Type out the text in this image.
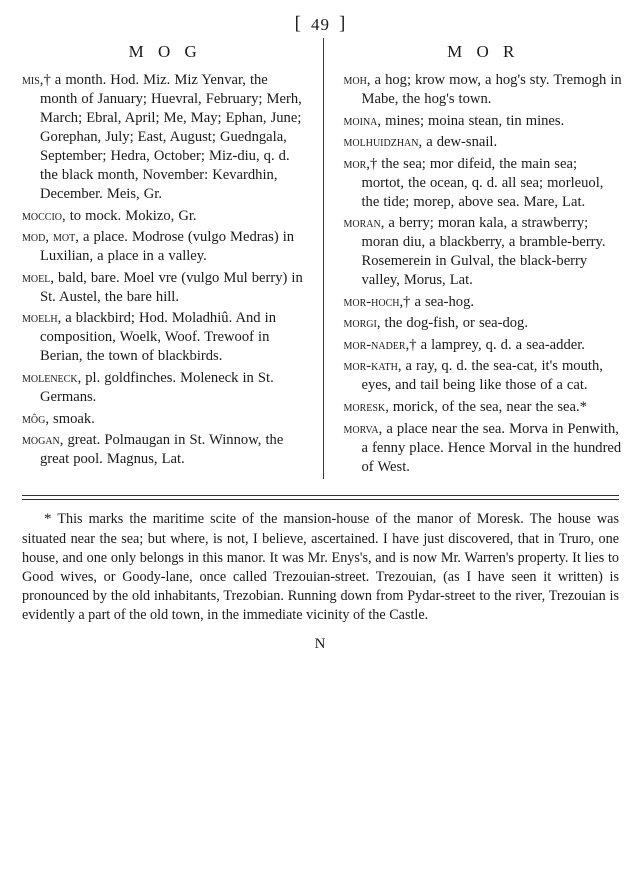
[ 49 ]
M O G
mis,† a month. Hod. Miz. Miz Yenvar, the month of January; Huevral, February; Merh, March; Ebral, April; Me, May; Ephan, June; Gorephan, July; East, August; Guedngala, September; Hedra, October; Miz-diu, q. d. the black month, November: Kevardhin, December. Meis, Gr.
moccio, to mock. Mokizo, Gr.
mod, mot, a place. Modrose (vulgo Medras) in Luxilian, a place in a valley.
moel, bald, bare. Moel vre (vulgo Mul berry) in St. Austel, the bare hill.
moelh, a blackbird; Hod. Moladhiû. And in composition, Woelk, Woof. Trewoof in Berian, the town of blackbirds.
moleneck, pl. goldfinches. Moleneck in St. Germans.
môg, smoak.
mogan, great. Polmaugan in St. Winnow, the great pool. Magnus, Lat.
M O R
moh, a hog; krow mow, a hog's sty. Tremogh in Mabe, the hog's town.
moina, mines; moina stean, tin mines.
molhuidzhan, a dew-snail.
mor,† the sea; mor difeid, the main sea; mortot, the ocean, q. d. all sea; morleuol, the tide; morep, above sea. Mare, Lat.
moran, a berry; moran kala, a strawberry; moran diu, a blackberry, a bramble-berry. Rosemerein in Gulval, the black-berry valley, Morus, Lat.
mor-hoch,† a sea-hog.
morgi, the dog-fish, or sea-dog.
mor-nader,† a lamprey, q. d. a sea-adder.
mor-kath, a ray, q. d. the sea-cat, it's mouth, eyes, and tail being like those of a cat.
moresk, morick, of the sea, near the sea.*
morva, a place near the sea. Morva in Penwith, a fenny place. Hence Morval in the hundred of West.
* This marks the maritime scite of the mansion-house of the manor of Moresk. The house was situated near the sea; but where, is not, I believe, ascertained. I have just discovered, that in Truro, one house, and one only belongs in this manor. It was Mr. Enys's, and is now Mr. Warren's property. It lies to Good wives, or Goody-lane, once called Trezouian-street. Trezouian, (as I have seen it written) is pronounced by the old inhabitants, Trezobian. Running down from Pydar-street to the river, Trezouian is evidently a part of the old town, in the immediate vicinity of the Castle.
N
